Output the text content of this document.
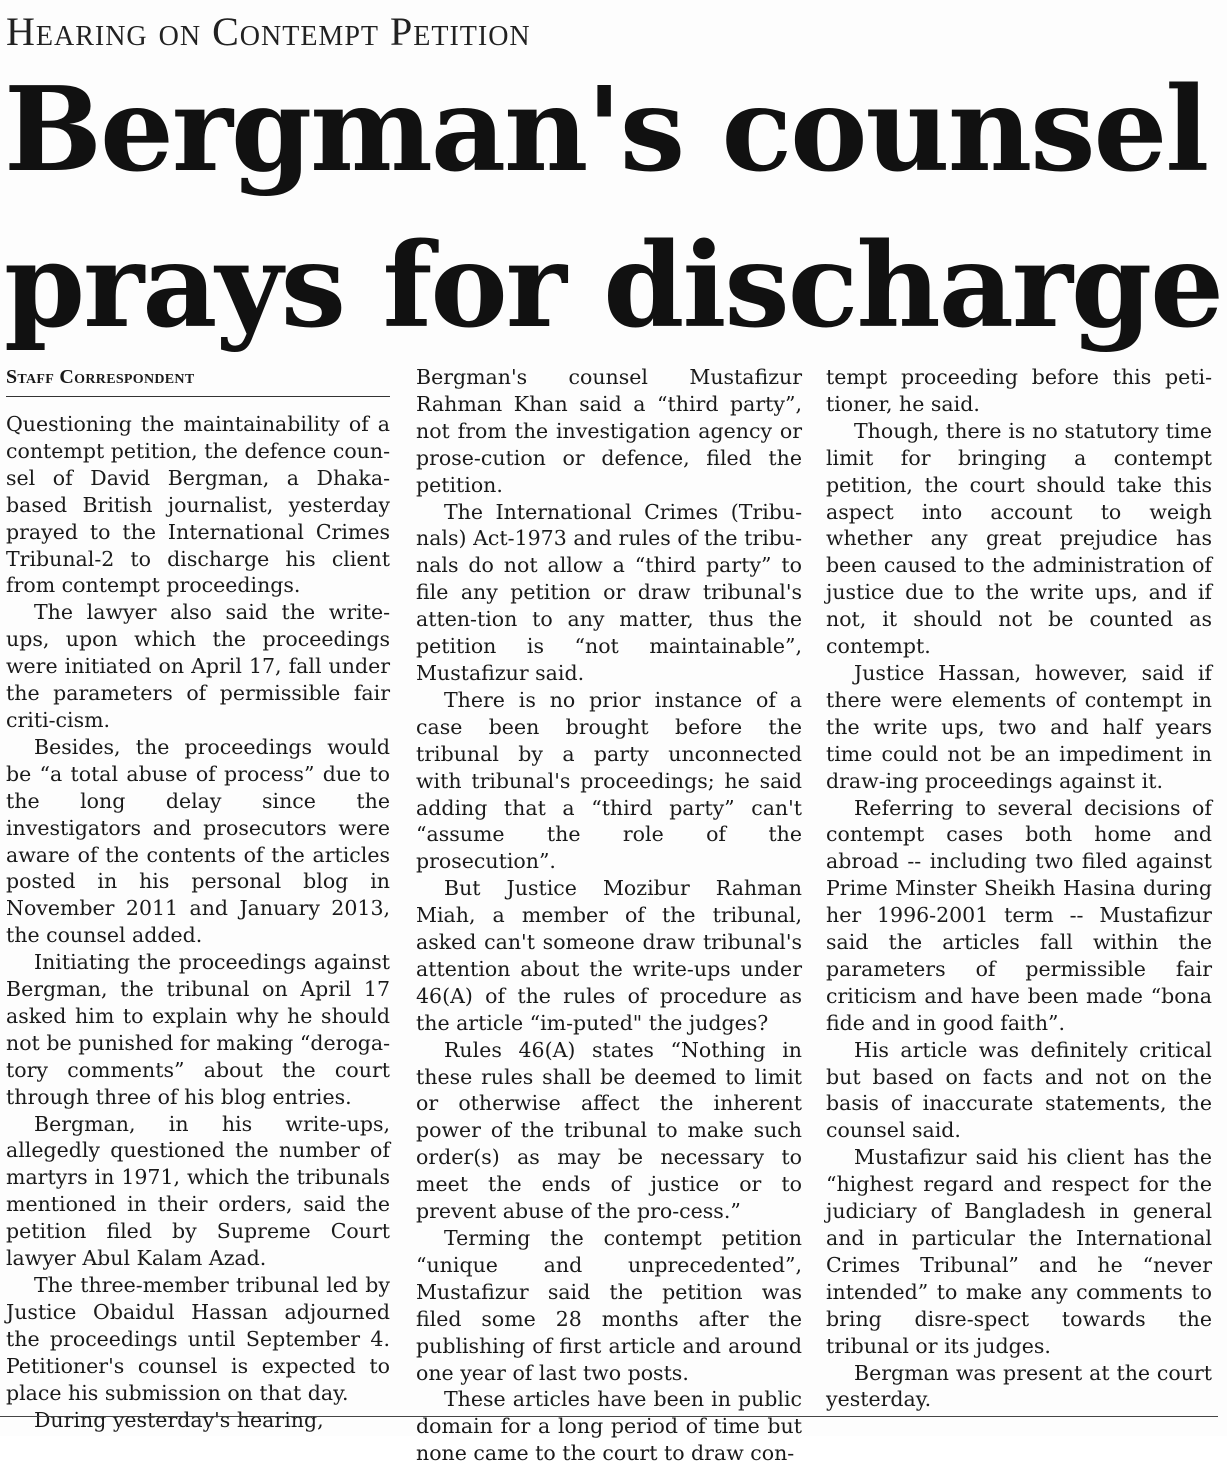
Hearing on Contempt Petition
Bergman's counsel
prays for discharge
Staff Correspondent

Questioning the maintainability of a contempt petition, the defence coun-sel of David Bergman, a Dhaka-based British journalist, yesterday prayed to the International Crimes Tribunal-2 to discharge his client from contempt proceedings.

The lawyer also said the write-ups, upon which the proceedings were initiated on April 17, fall under the parameters of permissible fair criti-cism.

Besides, the proceedings would be “a total abuse of process” due to the long delay since the investigators and prosecutors were aware of the contents of the articles posted in his personal blog in November 2011 and January 2013, the counsel added.

Initiating the proceedings against Bergman, the tribunal on April 17 asked him to explain why he should not be punished for making “deroga-tory comments” about the court through three of his blog entries.

Bergman, in his write-ups, allegedly questioned the number of martyrs in 1971, which the tribunals mentioned in their orders, said the petition filed by Supreme Court lawyer Abul Kalam Azad.

The three-member tribunal led by Justice Obaidul Hassan adjourned the proceedings until September 4. Petitioner's counsel is expected to place his submission on that day.

During yesterday's hearing,

Bergman's counsel Mustafizur Rahman Khan said a “third party”, not from the investigation agency or prose-cution or defence, filed the petition.

The International Crimes (Tribu-nals) Act-1973 and rules of the tribu-nals do not allow a “third party” to file any petition or draw tribunal's atten-tion to any matter, thus the petition is “not maintainable”, Mustafizur said.

There is no prior instance of a case been brought before the tribunal by a party unconnected with tribunal's proceedings; he said adding that a “third party” can't “assume the role of the prosecution”.

But Justice Mozibur Rahman Miah, a member of the tribunal, asked can't someone draw tribunal's attention about the write-ups under 46(A) of the rules of procedure as the article “im-puted" the judges?

Rules 46(A) states “Nothing in these rules shall be deemed to limit or otherwise affect the inherent power of the tribunal to make such order(s) as may be necessary to meet the ends of justice or to prevent abuse of the pro-cess.”

Terming the contempt petition “unique and unprecedented”, Mustafizur said the petition was filed some 28 months after the publishing of first article and around one year of last two posts.

These articles have been in public domain for a long period of time but none came to the court to draw con-

tempt proceeding before this peti-tioner, he said.

Though, there is no statutory time limit for bringing a contempt petition, the court should take this aspect into account to weigh whether any great prejudice has been caused to the administration of justice due to the write ups, and if not, it should not be counted as contempt.

Justice Hassan, however, said if there were elements of contempt in the write ups, two and half years time could not be an impediment in draw-ing proceedings against it.

Referring to several decisions of contempt cases both home and abroad -- including two filed against Prime Minster Sheikh Hasina during her 1996-2001 term -- Mustafizur said the articles fall within the parameters of permissible fair criticism and have been made “bona fide and in good faith”.

His article was definitely critical but based on facts and not on the basis of inaccurate statements, the counsel said.

Mustafizur said his client has the “highest regard and respect for the judiciary of Bangladesh in general and in particular the International Crimes Tribunal” and he “never intended” to make any comments to bring disre-spect towards the tribunal or its judges.

Bergman was present at the court yesterday.
